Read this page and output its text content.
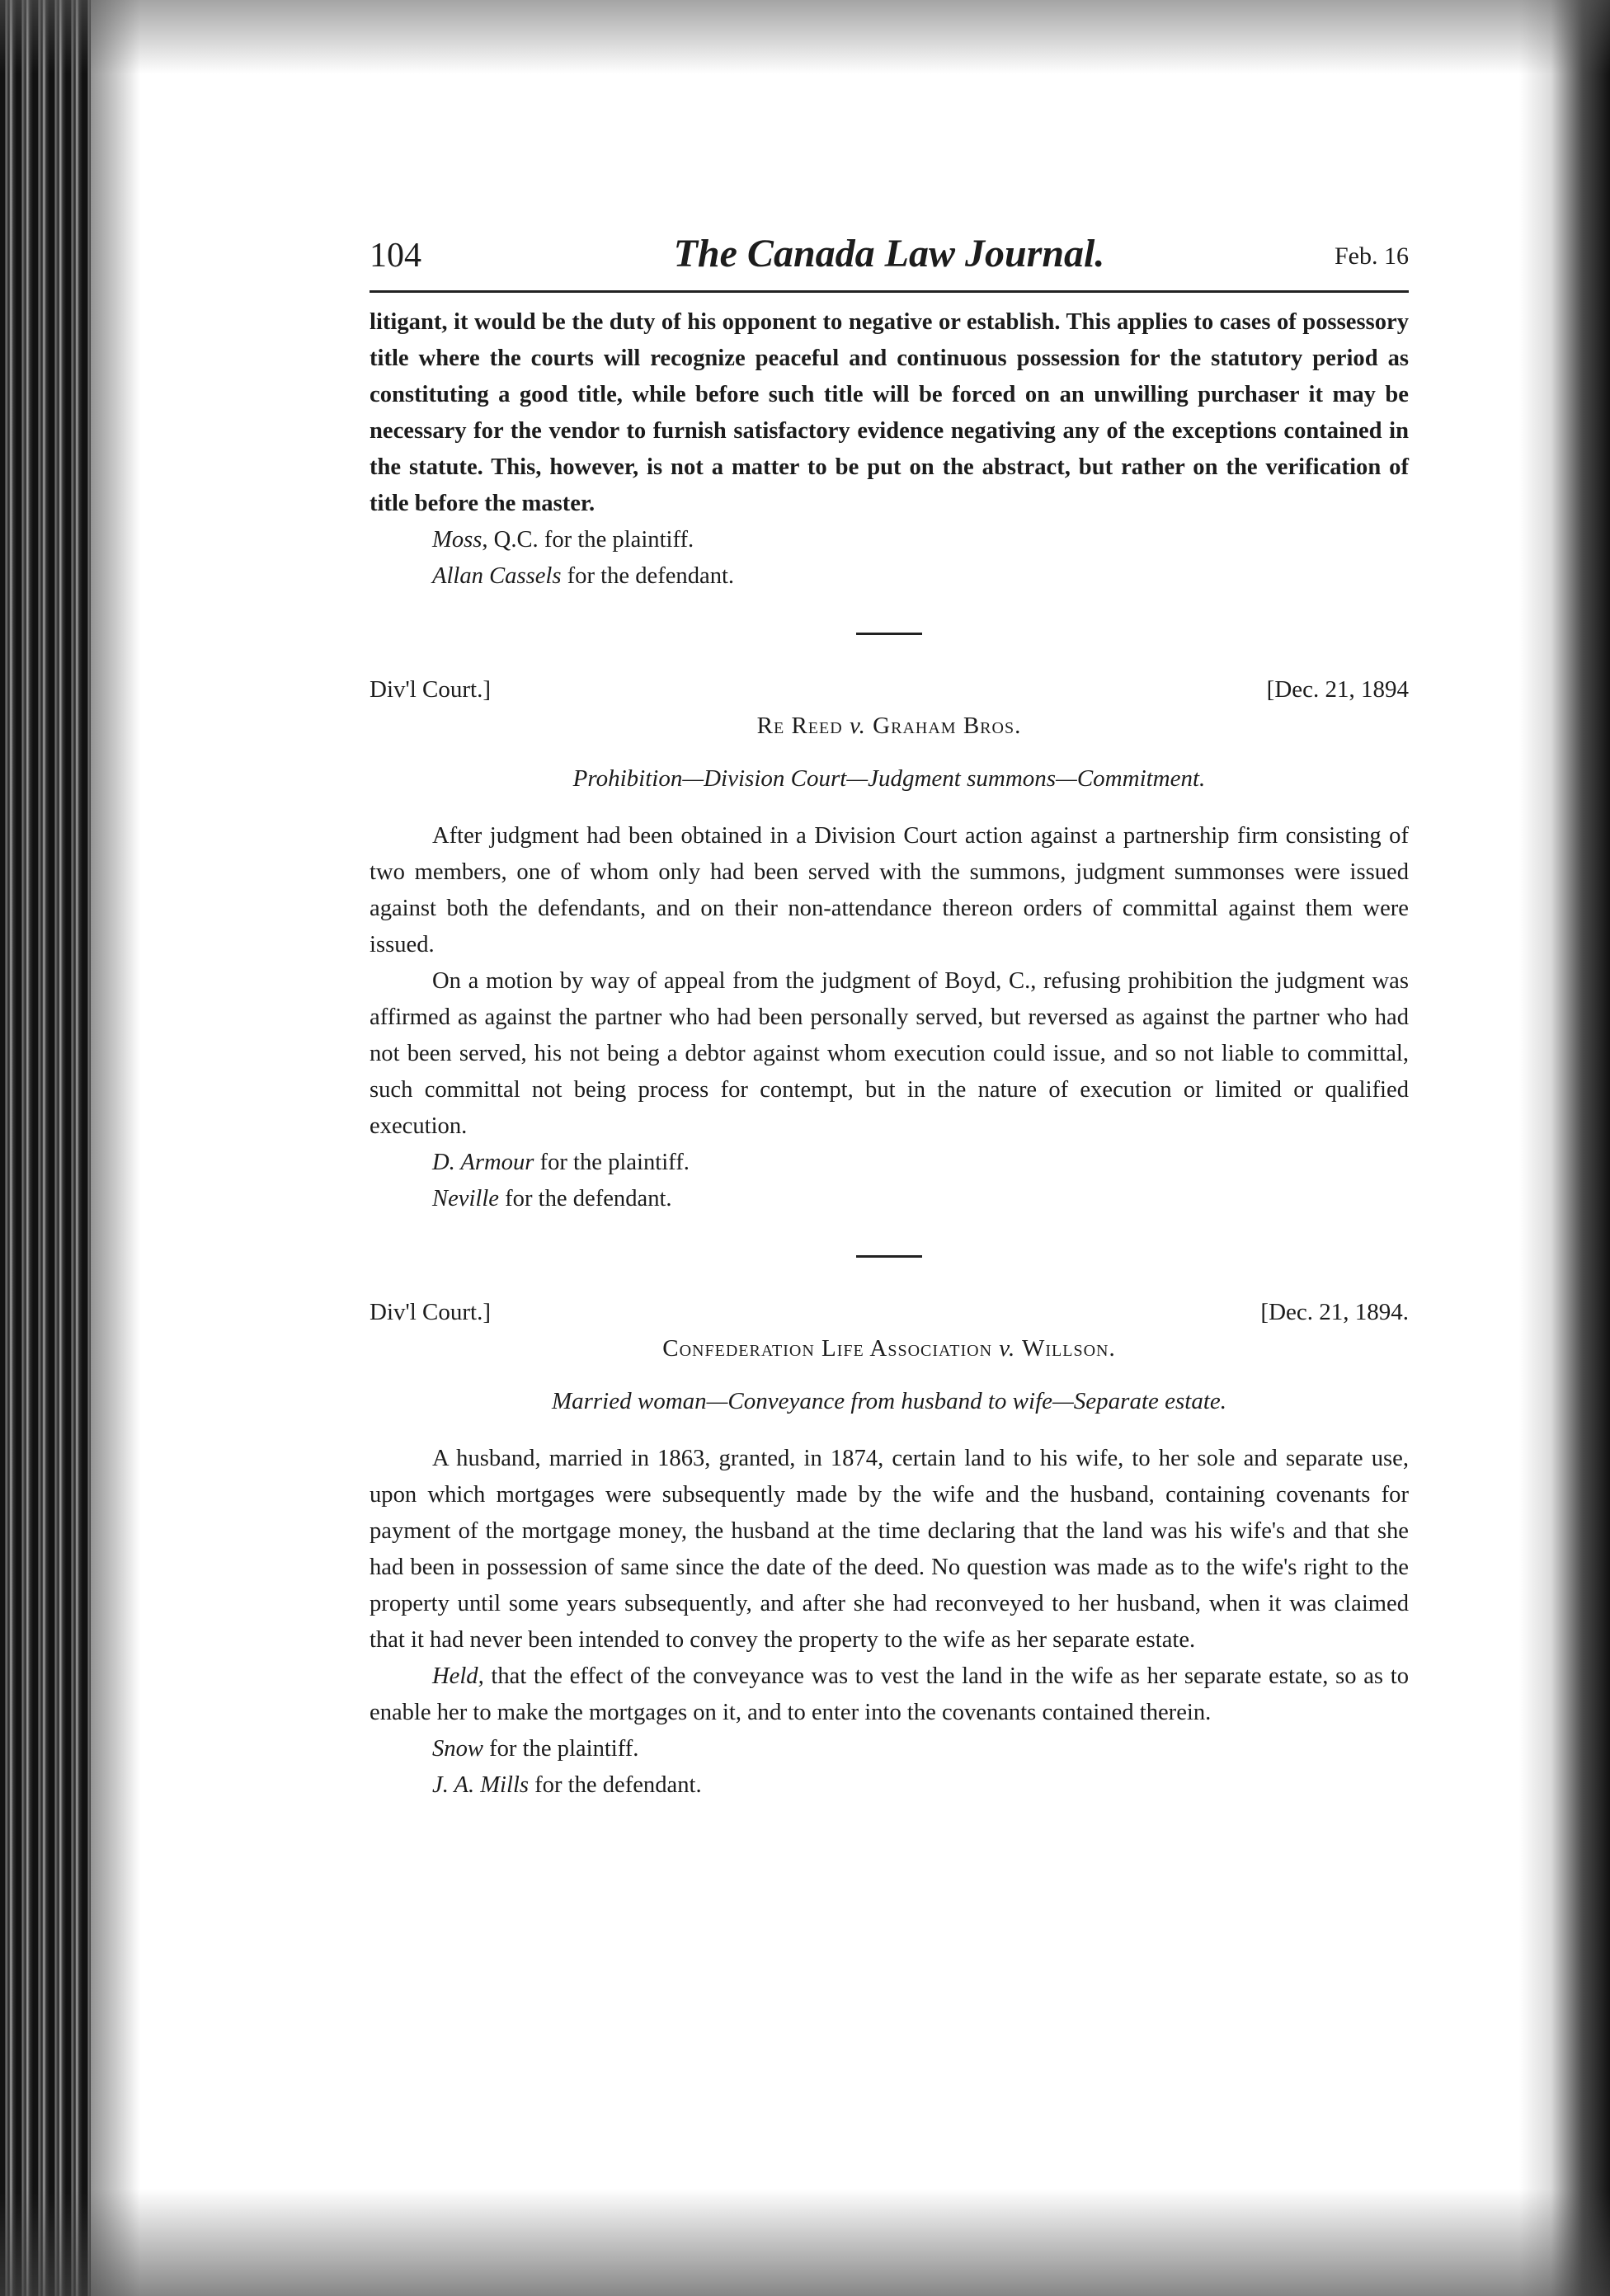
104	The Canada Law Journal.	Feb. 16

litigant, it would be the duty of his opponent to negative or establish. This applies to cases of possessory title where the courts will recognize peaceful and continuous possession for the statutory period as constituting a good title, while before such title will be forced on an unwilling purchaser it may be necessary for the vendor to furnish satisfactory evidence negativing any of the exceptions contained in the statute. This, however, is not a matter to be put on the abstract, but rather on the verification of title before the master.

Moss, Q.C. for the plaintiff.

Allan Cassels for the defendant.

Div'l Court.]	[Dec. 21, 1894

Re Reed v. Graham Bros.

Prohibition—Division Court—Judgment summons—Commitment.

After judgment had been obtained in a Division Court action against a partnership firm consisting of two members, one of whom only had been served with the summons, judgment summonses were issued against both the defendants, and on their non-attendance thereon orders of committal against them were issued.

On a motion by way of appeal from the judgment of Boyd, C., refusing prohibition the judgment was affirmed as against the partner who had been personally served, but reversed as against the partner who had not been served, his not being a debtor against whom execution could issue, and so not liable to committal, such committal not being process for contempt, but in the nature of execution or limited or qualified execution.

D. Armour for the plaintiff.

Neville for the defendant.

Div'l Court.]	[Dec. 21, 1894.

Confederation Life Association v. Willson.

Married woman—Conveyance from husband to wife—Separate estate.

A husband, married in 1863, granted, in 1874, certain land to his wife, to her sole and separate use, upon which mortgages were subsequently made by the wife and the husband, containing covenants for payment of the mortgage money, the husband at the time declaring that the land was his wife's and that she had been in possession of same since the date of the deed. No question was made as to the wife's right to the property until some years subsequently, and after she had reconveyed to her husband, when it was claimed that it had never been intended to convey the property to the wife as her separate estate.

Held, that the effect of the conveyance was to vest the land in the wife as her separate estate, so as to enable her to make the mortgages on it, and to enter into the covenants contained therein.

Snow for the plaintiff.

J. A. Mills for the defendant.
